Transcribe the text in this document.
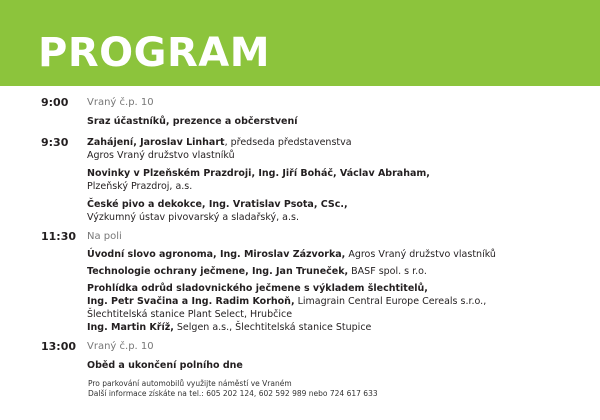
PROGRAM
9:00 Vraný č.p. 10
Sraz účastníků, prezence a občerstvení
9:30 Zahájení, Jaroslav Linhart, předseda představenstva
Agros Vraný družstvo vlastníků
Novinky v Plzeňském Prazdroji, Ing. Jiří Boháč, Václav Abraham,
Plzeňský Prazdroj, a.s.
České pivo a dekokce, Ing. Vratislav Psota, CSc.,
Výzkumný ústav pivovarský a sladařský, a.s.
11:30 Na poli
Úvodní slovo agronoma, Ing. Miroslav Zázvorka, Agros Vraný družstvo vlastníků
Technologie ochrany ječmene, Ing. Jan Truneček, BASF spol. s r.o.
Prohlídka odrůd sladovnického ječmene s výkladem šlechtitelů,
Ing. Petr Svačina a Ing. Radim Korhoň, Limagrain Central Europe Cereals s.r.o.,
Šlechtitelská stanice Plant Select, Hrubčice
Ing. Martin Kříž, Selgen a.s., Šlechtitelská stanice Stupice
13:00 Vraný č.p. 10
Oběd a ukončení polního dne
Pro parkování automobilů využijte náměstí ve Vraném
Další informace získáte na tel.: 605 202 124, 602 592 989 nebo 724 617 633
